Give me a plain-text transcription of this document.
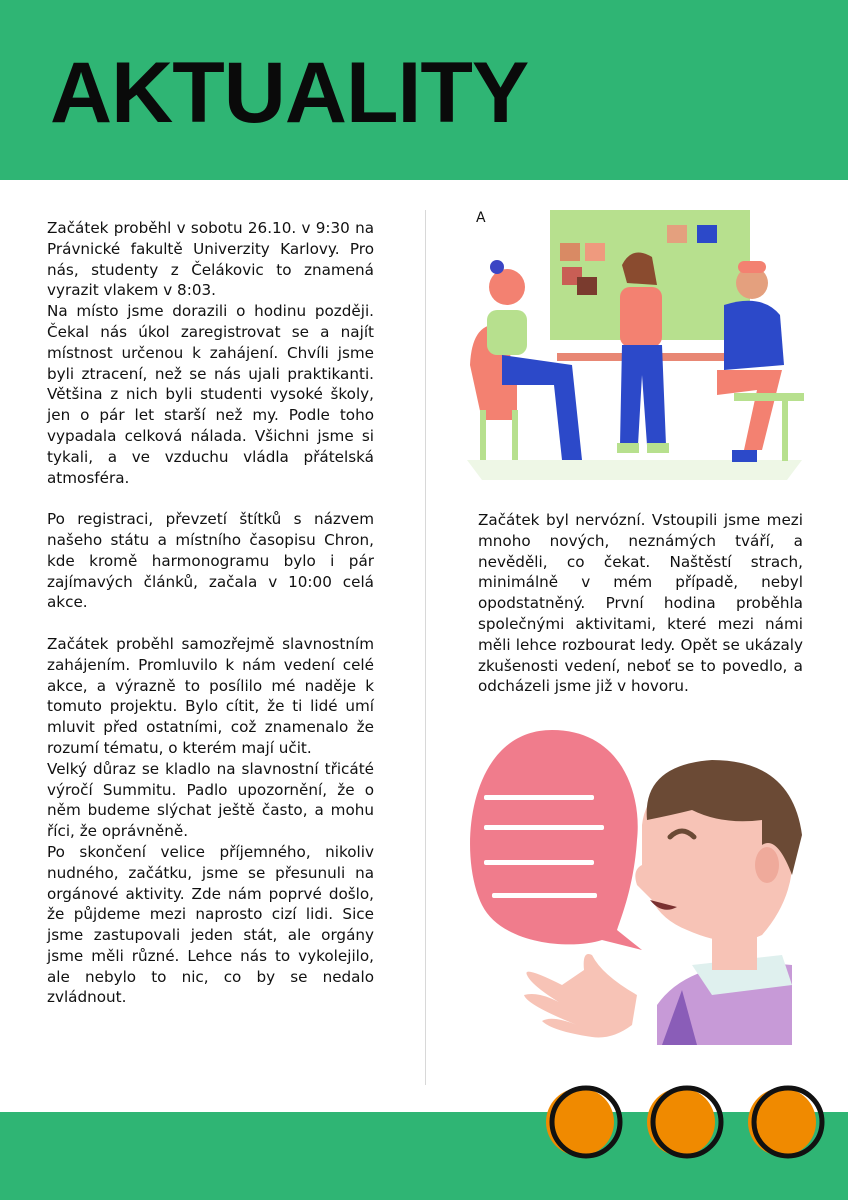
AKTUALITY

Začátek proběhl v sobotu 26.10. v 9:30 na Právnické fakultě Univerzity Karlovy. Pro nás, studenty z Čelákovic to znamená vyrazit vlakem v 8:03.

Na místo jsme dorazili o hodinu později. Čekal nás úkol zaregistrovat se a najít místnost určenou k zahájení. Chvíli jsme byli ztracení, než se nás ujali praktikanti. Většina z nich byli studenti vysoké školy, jen o pár let starší než my. Podle toho vypadala celková nálada. Všichni jsme si tykali, a ve vzduchu vládla přátelská atmosféra.

Po registraci, převzetí štítků s názvem našeho státu a místního časopisu Chron, kde kromě harmonogramu bylo i pár zajímavých článků, začala v 10:00 celá akce.

Začátek proběhl samozřejmě slavnostním zahájením. Promluvilo k nám vedení celé akce, a výrazně to posílilo mé naděje k tomuto projektu. Bylo cítit, že ti lidé umí mluvit před ostatními, což znamenalo že rozumí tématu, o kterém mají učit.

Velký důraz se kladlo na slavnostní třicáté výročí Summitu. Padlo upozornění, že o něm budeme slýchat ještě často, a mohu říci, že oprávněně.

Po skončení velice příjemného, nikoliv nudného, začátku, jsme se přesunuli na orgánové aktivity. Zde nám poprvé došlo, že půjdeme mezi naprosto cizí lidi. Sice jsme zastupovali jeden stát, ale orgány jsme měli různé. Lehce nás to vykolejilo, ale nebylo to nic, co by se nedalo zvládnout.

A

Začátek byl nervózní. Vstoupili jsme mezi mnoho nových, neznámých tváří, a nevěděli, co čekat. Naštěstí strach, minimálně v mém případě, nebyl opodstatněný. První hodina proběhla společnými aktivitami, které mezi námi měli lehce rozbourat ledy. Opět se ukázaly zkušenosti vedení, neboť se to povedlo, a odcházeli jsme již v hovoru.
